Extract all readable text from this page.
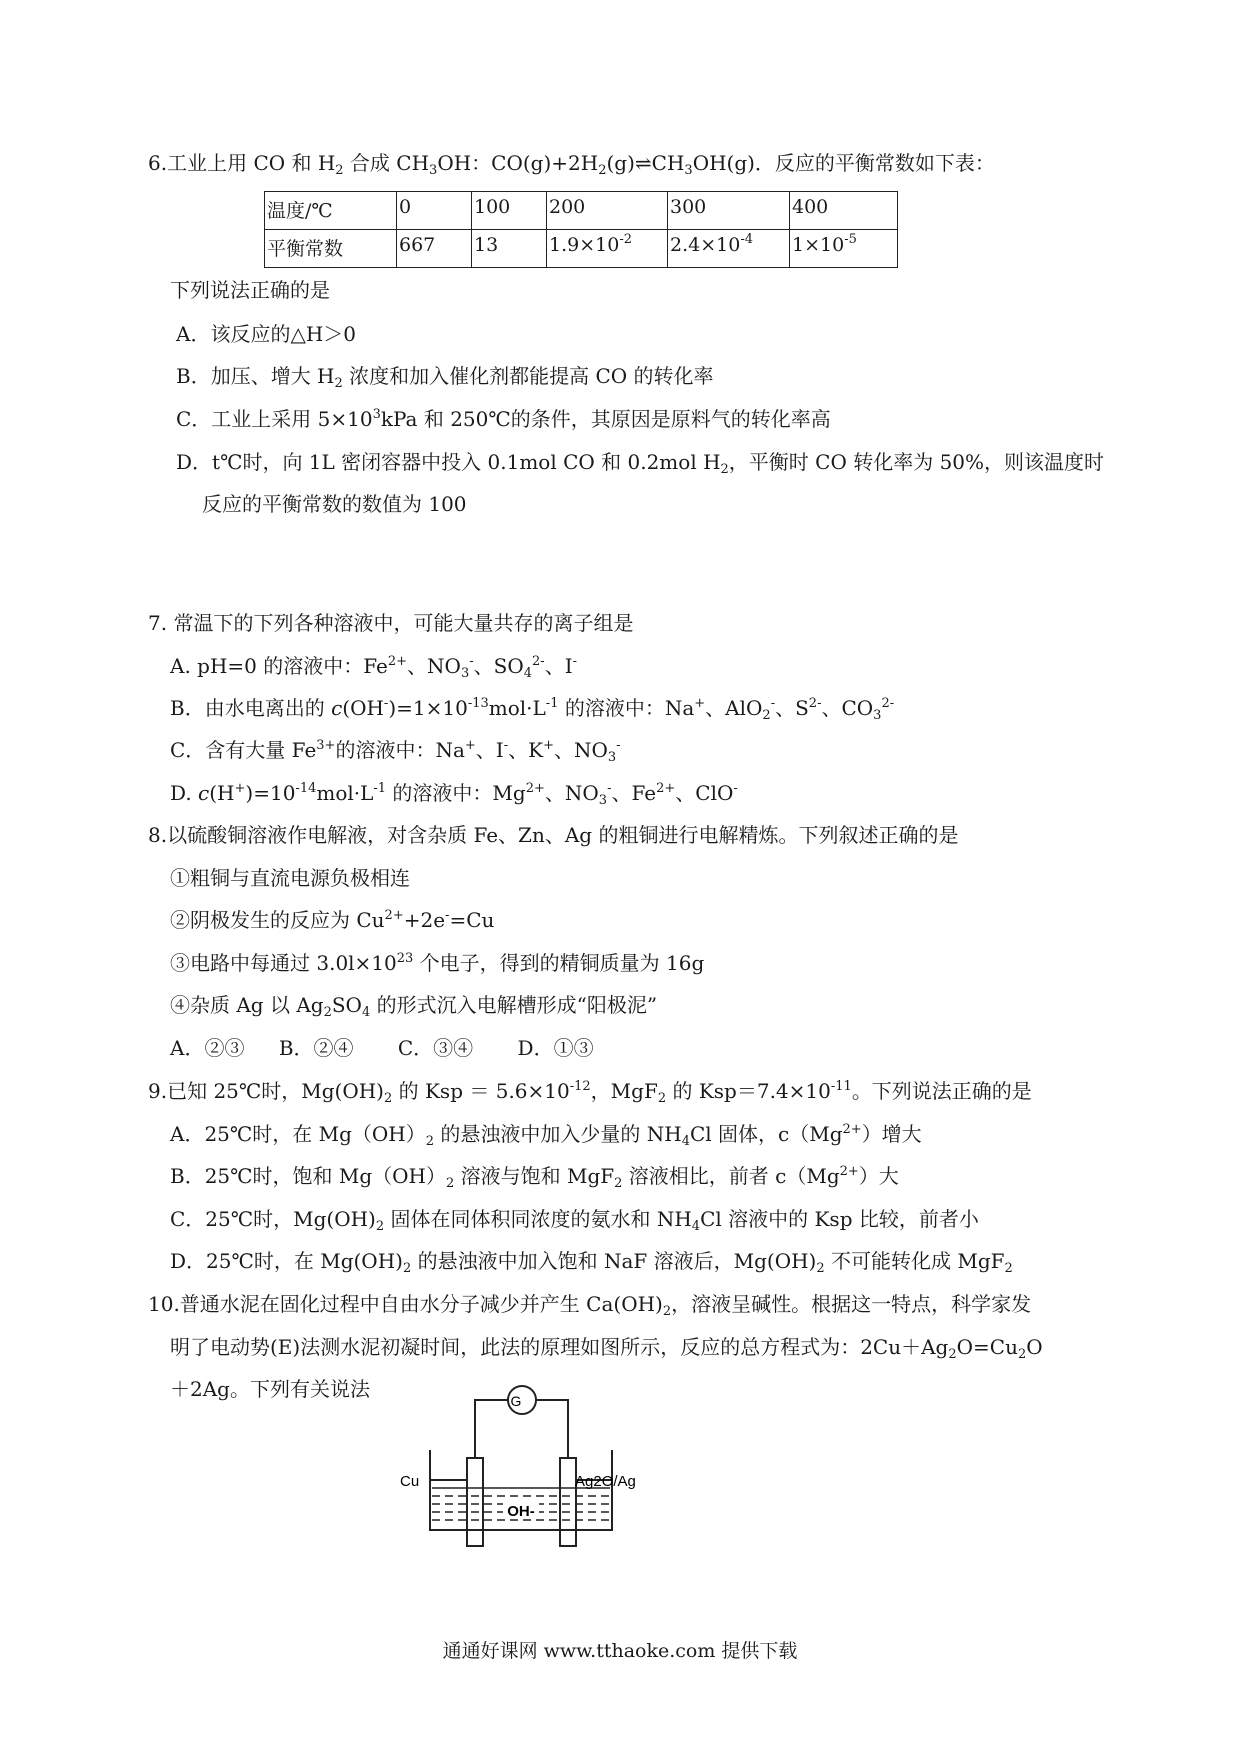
6.工业上用 CO 和 $H_2$ 合成 $CH_3OH$：$CO(g)+2H_2(g)\rightleftharpoons CH_3OH(g)$．反应的平衡常数如下表：
温度/℃	0	100	200	300	400
平衡常数	667	13	$1.9\times 10^{-2}$	$2.4\times 10^{-4}$	$1\times 10^{-5}$
下列说法正确的是
A．该反应的△H＞0
B．加压、增大 $H_2$ 浓度和加入催化剂都能提高 CO 的转化率
C．工业上采用 $5\times 10^3kPa$ 和 250℃的条件，其原因是原料气的转化率高
D．t℃时，向 1L 密闭容器中投入 0.1mol CO 和 0.2mol $H_2$，平衡时 CO 转化率为 50%，则该温度时
反应的平衡常数的数值为 100
7. 常温下的下列各种溶液中，可能大量共存的离子组是
A. pH=0 的溶液中：$Fe^{2+}$、$NO_3^-$、$SO_4^{2-}$、I-
B．由水电离出的 $c(OH^-)=1\times 10^{-13}mol\cdot L^{-1}$ 的溶液中：Na+、AlO$_2$-、$S^{2-}$、$CO_3^{2-}$
C．含有大量 $Fe^{3+}$的溶液中：Na+、I-、K+、$NO_3^-$
D. $c(H^+)=10^{-14}mol\cdot L^{-1}$ 的溶液中：$Mg^{2+}$、$NO_3^-$、$Fe^{2+}$、ClO-
8.以硫酸铜溶液作电解液，对含杂质 Fe、Zn、Ag 的粗铜进行电解精炼。下列叙述正确的是
①粗铜与直流电源负极相连
②阴极发生的反应为 $Cu^{2+}+2e^-=Cu$
③电路中每通过 $3.0l\times 10^{23}$ 个电子，得到的精铜质量为 16g
④杂质 Ag 以 $Ag_2SO_4$ 的形式沉入电解槽形成“阳极泥”
A．②③ B．②④ C．③④ D．①③
9.已知 25℃时，$Mg(OH)_2$ 的 Ksp ＝ $5.6\times 10^{-12}$，MgF$_2$ 的 $Ksp=7.4\times 10^{-11}$。下列说法正确的是
A．25℃时，在 $Mg(OH)_2$ 的悬浊液中加入少量的 $NH_4Cl$ 固体，$c(Mg^{2+})$增大
B．25℃时，饱和 $Mg(OH)_2$ 溶液与饱和 MgF$_2$ 溶液相比，前者 $c(Mg^{2+})$大
C．25℃时，$Mg(OH)_2$ 固体在同体积同浓度的氨水和 $NH_4Cl$ 溶液中的 Ksp 比较，前者小
D．25℃时，在 $Mg(OH)_2$ 的悬浊液中加入饱和 NaF 溶液后，$Mg(OH)_2$ 不可能转化成 MgF$_2$
10.普通水泥在固化过程中自由水分子减少并产生 $Ca(OH)_2$，溶液呈碱性。根据这一特点，科学家发
明了电动势(E)法测水泥初凝时间，此法的原理如图所示，反应的总方程式为：$2Cu+Ag_2O=Cu_2O$
＋2Ag。下列有关说法	G
Cu	Ag2O/Ag
OH-
通通好课网 www.tthaoke.com 提供下载
